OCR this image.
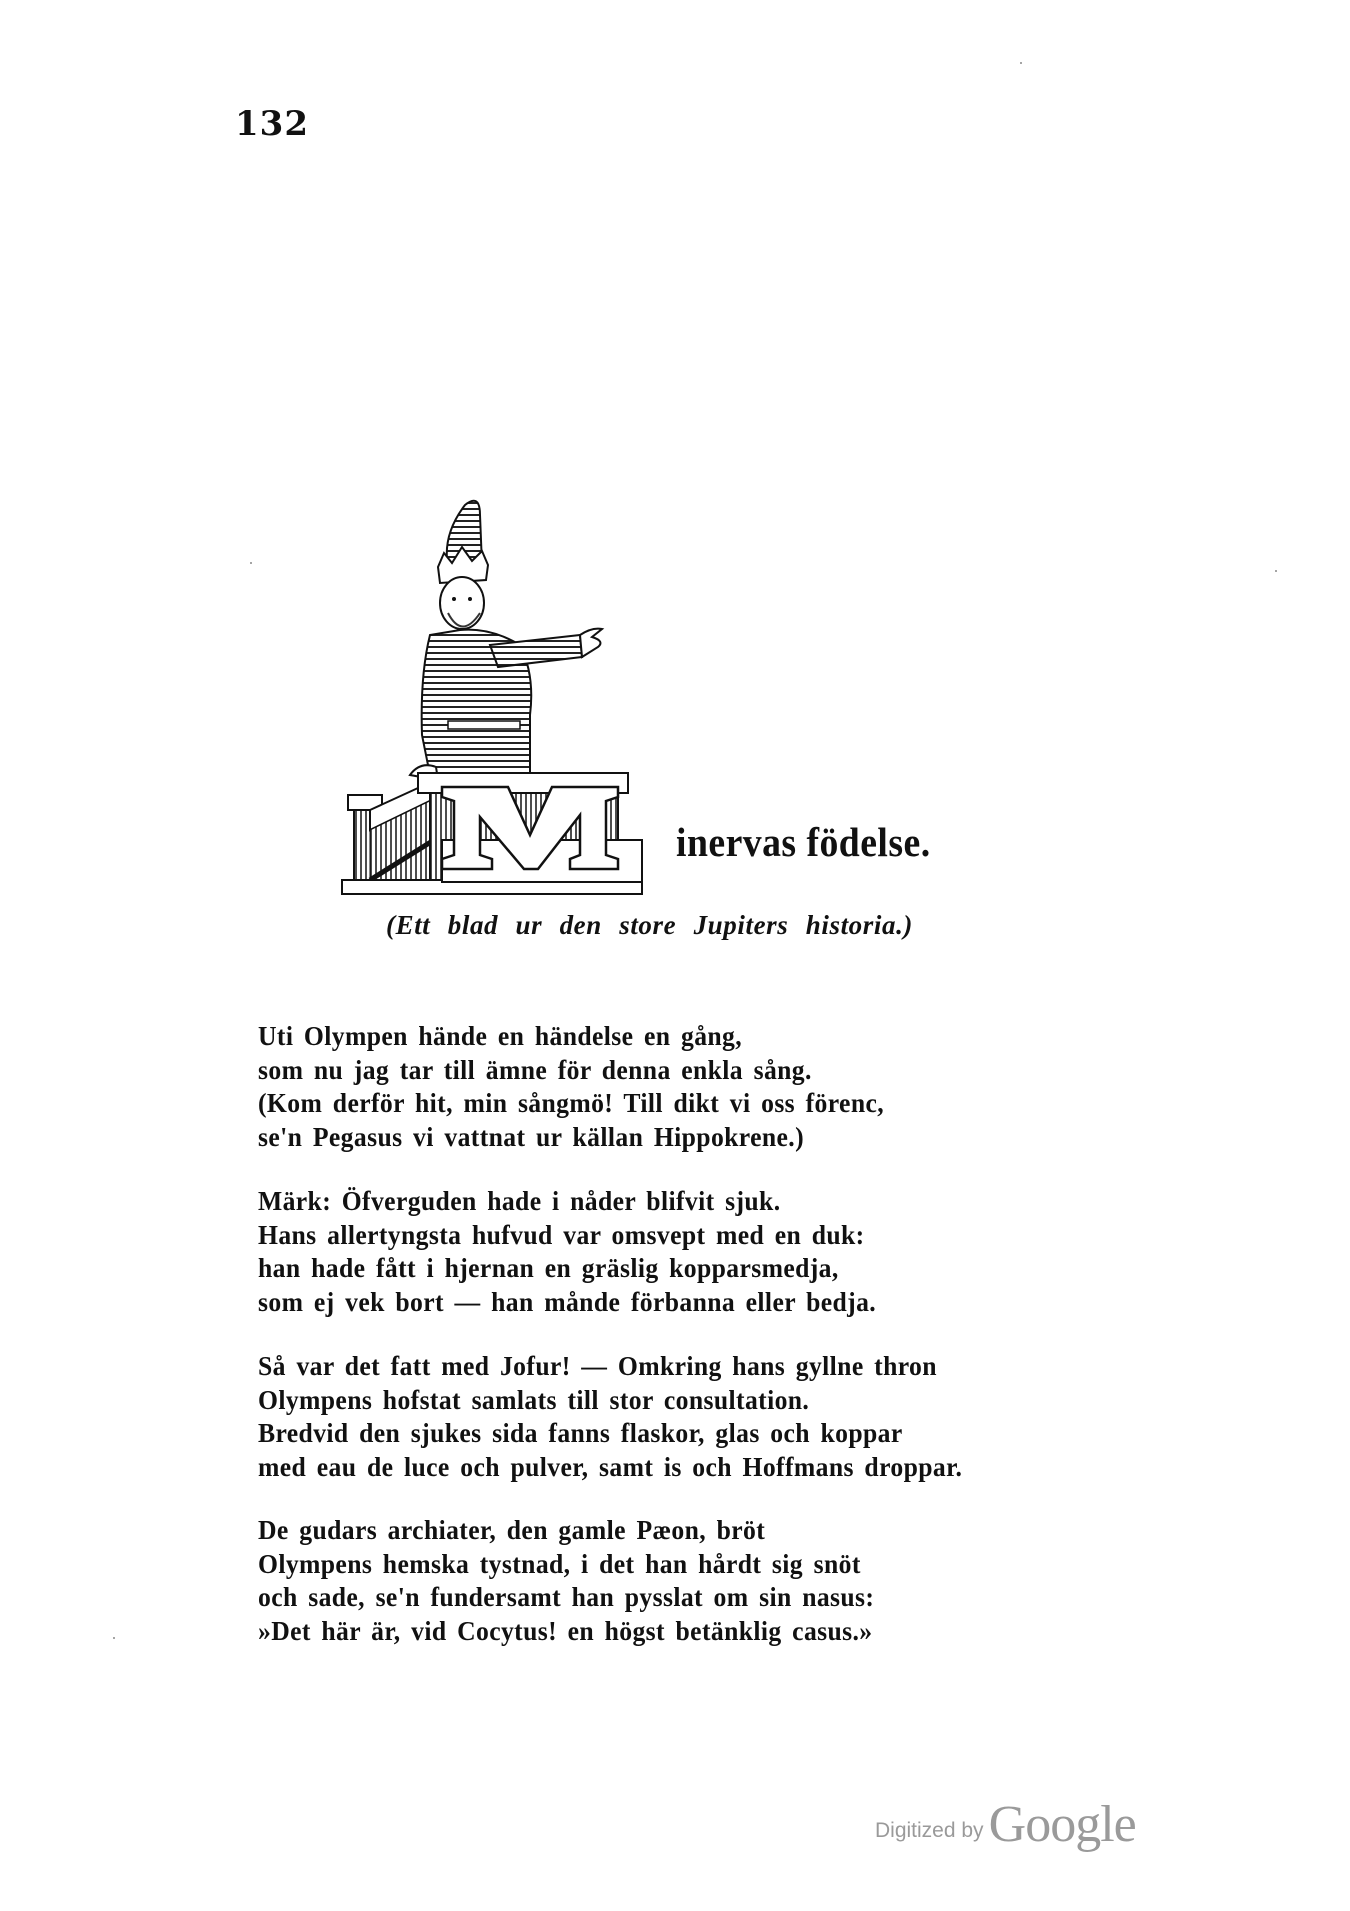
132
inervas födelse.
(Ett blad ur den store Jupiters historia.)
Uti Olympen hände en händelse en gång,
som nu jag tar till ämne för denna enkla sång.
(Kom derför hit, min sångmö! Till dikt vi oss förenc,
se'n Pegasus vi vattnat ur källan Hippokrene.)
Märk: Öfverguden hade i nåder blifvit sjuk.
Hans allertyngsta hufvud var omsvept med en duk:
han hade fått i hjernan en gräslig kopparsmedja,
som ej vek bort — han månde förbanna eller bedja.
Så var det fatt med Jofur! — Omkring hans gyllne thron
Olympens hofstat samlats till stor consultation.
Bredvid den sjukes sida fanns flaskor, glas och koppar
med eau de luce och pulver, samt is och Hoffmans droppar.
De gudars archiater, den gamle Pæon, bröt
Olympens hemska tystnad, i det han hårdt sig snöt
och sade, se'n fundersamt han pysslat om sin nasus:
»Det här är, vid Cocytus! en högst betänklig casus.»
Digitized by Google
